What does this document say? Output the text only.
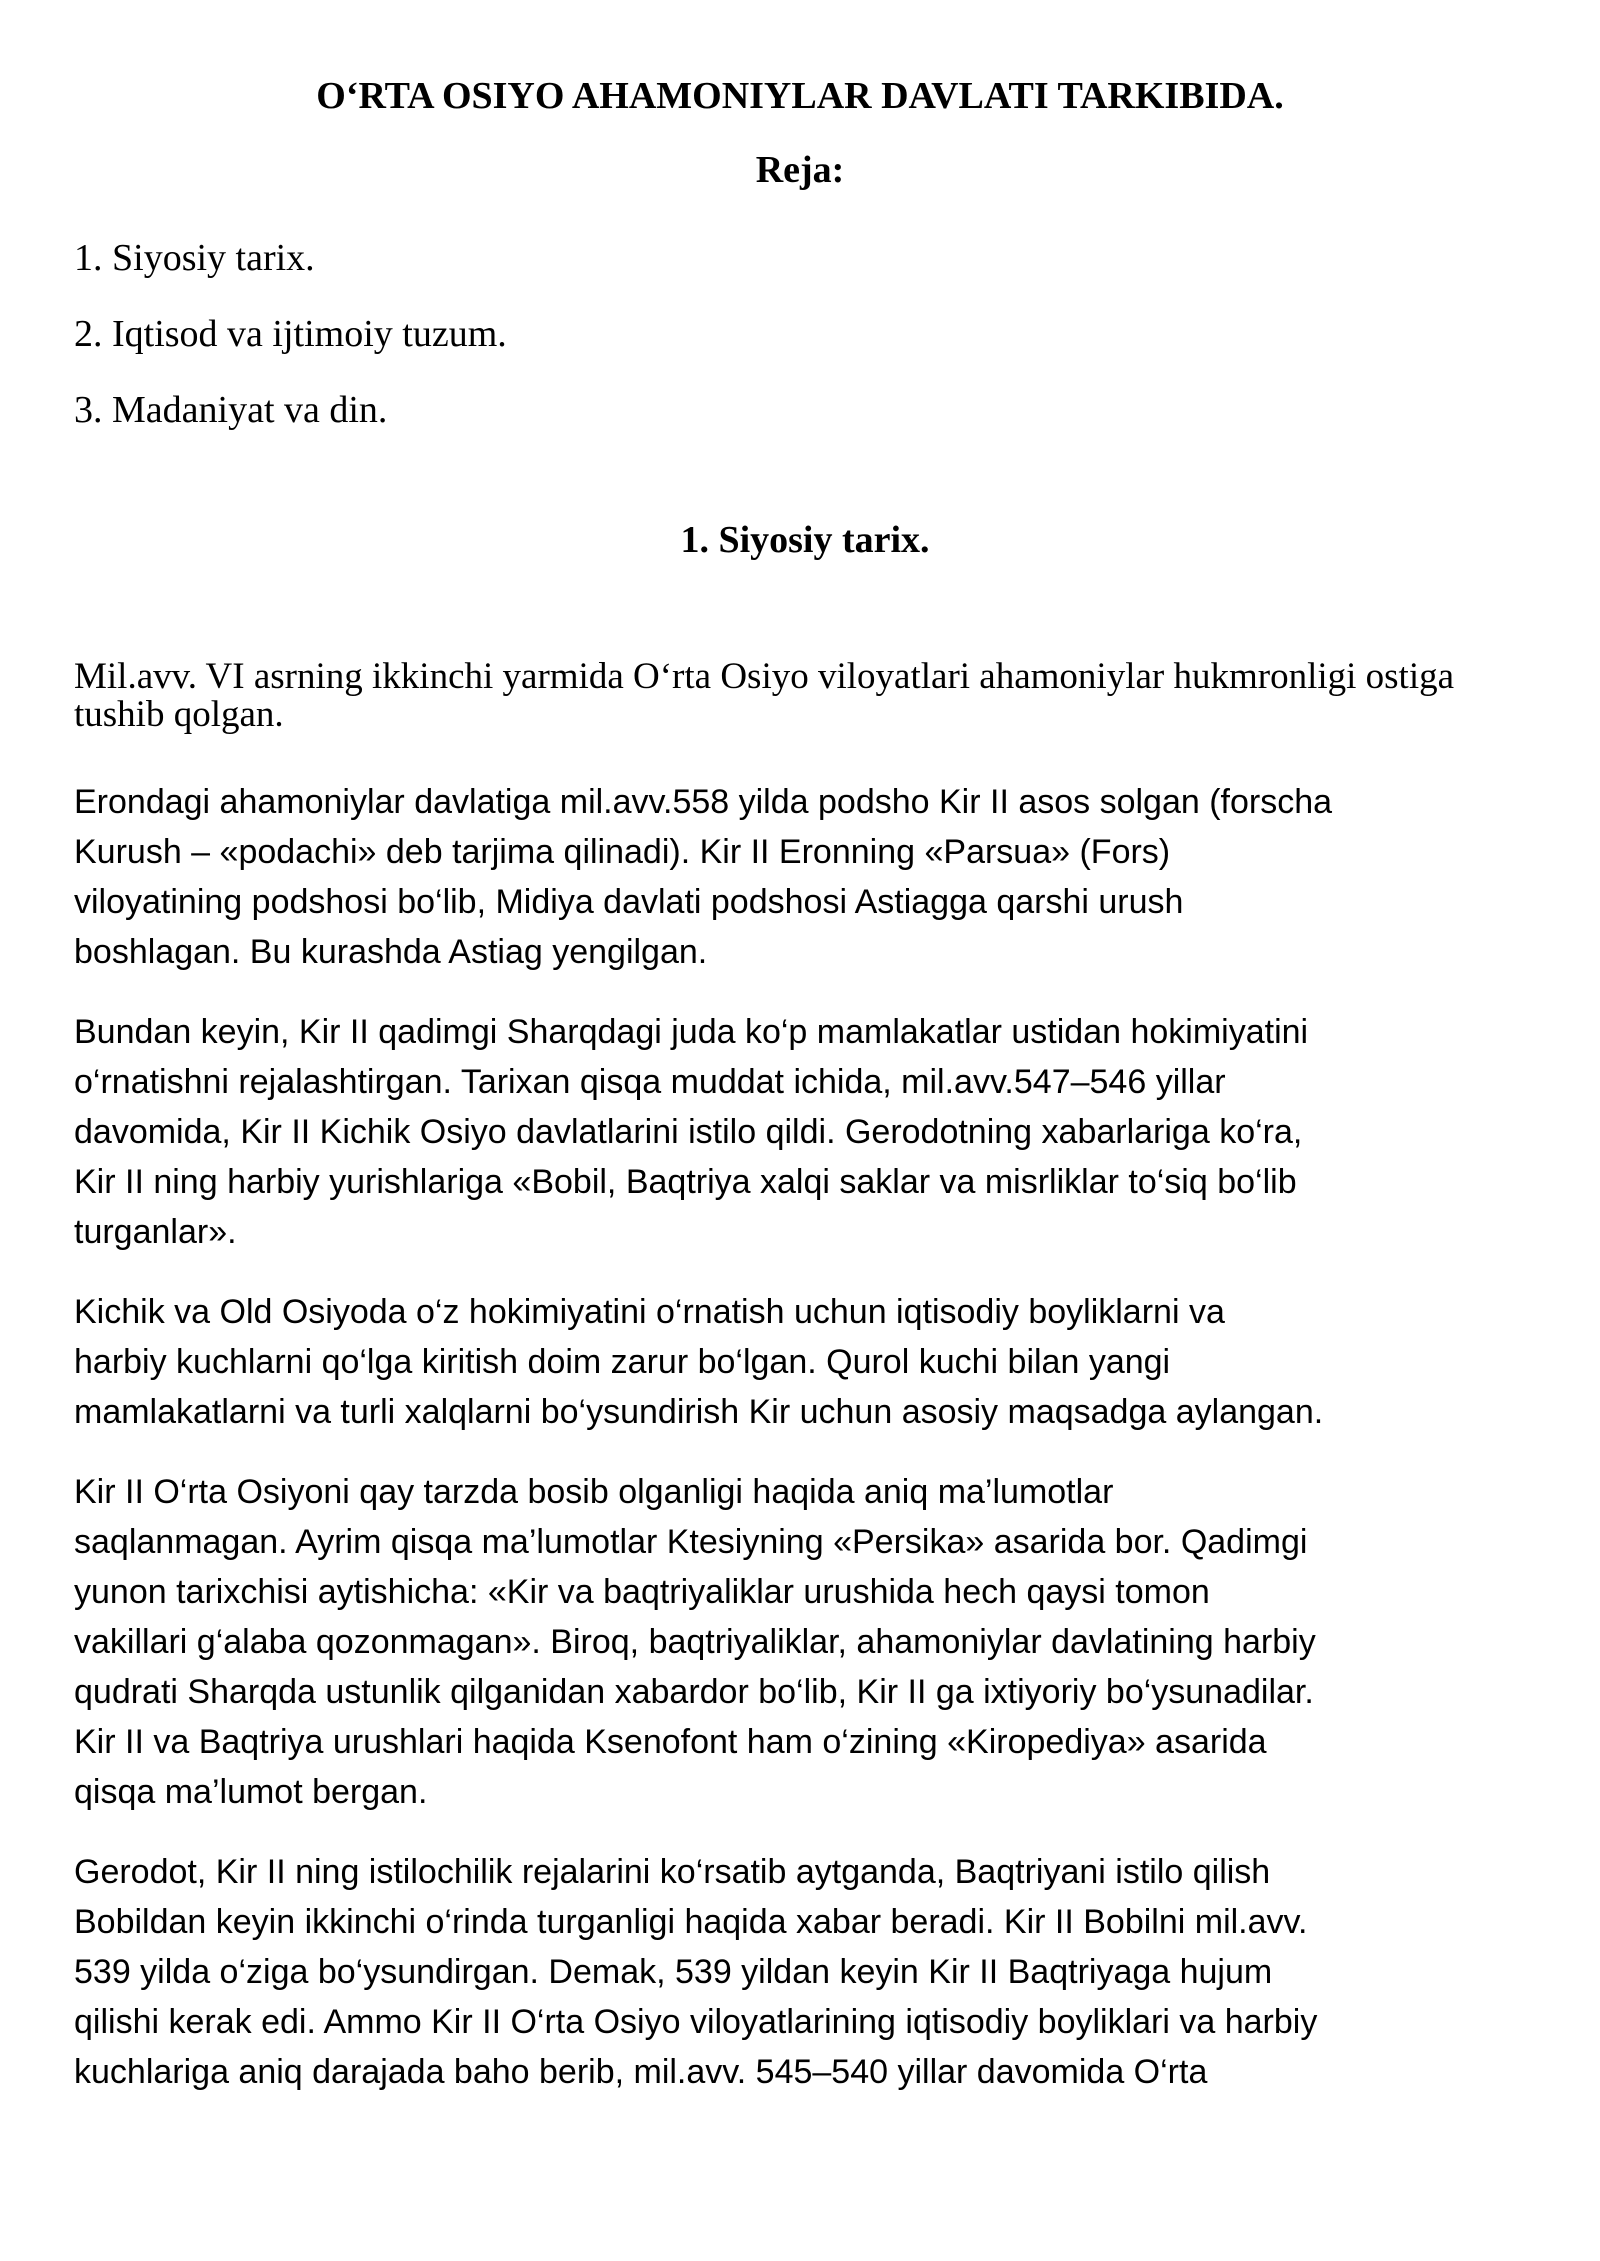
O‘RTA OSIYO AHAMONIYLAR DAVLATI TARKIBIDA.
Reja:
1. Siyosiy tarix.
2. Iqtisod va ijtimoiy tuzum.
3. Madaniyat va din.
1. Siyosiy tarix.

Mil.avv. VI asrning ikkinchi yarmida O‘rta Osiyo viloyatlari ahamoniylar hukmronligi ostiga tushib qolgan.

Erondagi ahamoniylar davlatiga mil.avv.558 yilda podsho Kir II asos solgan (forscha
Kurush – «podachi» deb tarjima qilinadi). Kir II Eronning «Parsua» (Fors)
viloyatining podshosi bo‘lib, Midiya davlati podshosi Astiagga qarshi urush
boshlagan. Bu kurashda Astiag yengilgan.

Bundan keyin, Kir II qadimgi Sharqdagi juda ko‘p mamlakatlar ustidan hokimiyatini
o‘rnatishni rejalashtirgan. Tarixan qisqa muddat ichida, mil.avv.547–546 yillar
davomida, Kir II Kichik Osiyo davlatlarini istilo qildi. Gerodotning xabarlariga ko‘ra,
Kir II ning harbiy yurishlariga «Bobil, Baqtriya xalqi saklar va misrliklar to‘siq bo‘lib
turganlar».

Kichik va Old Osiyoda o‘z hokimiyatini o‘rnatish uchun iqtisodiy boyliklarni va
harbiy kuchlarni qo‘lga kiritish doim zarur bo‘lgan. Qurol kuchi bilan yangi
mamlakatlarni va turli xalqlarni bo‘ysundirish Kir uchun asosiy maqsadga aylangan.

Kir II O‘rta Osiyoni qay tarzda bosib olganligi haqida aniq ma’lumotlar
saqlanmagan. Ayrim qisqa ma’lumotlar Ktesiyning «Persika» asarida bor. Qadimgi
yunon tarixchisi aytishicha: «Kir va baqtriyaliklar urushida hech qaysi tomon
vakillari g‘alaba qozonmagan». Biroq, baqtriyaliklar, ahamoniylar davlatining harbiy
qudrati Sharqda ustunlik qilganidan xabardor bo‘lib, Kir II ga ixtiyoriy bo‘ysunadilar.
Kir II va Baqtriya urushlari haqida Ksenofont ham o‘zining «Kiropediya» asarida
qisqa ma’lumot bergan.

Gerodot, Kir II ning istilochilik rejalarini ko‘rsatib aytganda, Baqtriyani istilo qilish
Bobildan keyin ikkinchi o‘rinda turganligi haqida xabar beradi. Kir II Bobilni mil.avv.
539 yilda o‘ziga bo‘ysundirgan. Demak, 539 yildan keyin Kir II Baqtriyaga hujum
qilishi kerak edi. Ammo Kir II O‘rta Osiyo viloyatlarining iqtisodiy boyliklari va harbiy
kuchlariga aniq darajada baho berib, mil.avv. 545–540 yillar davomida O‘rta
